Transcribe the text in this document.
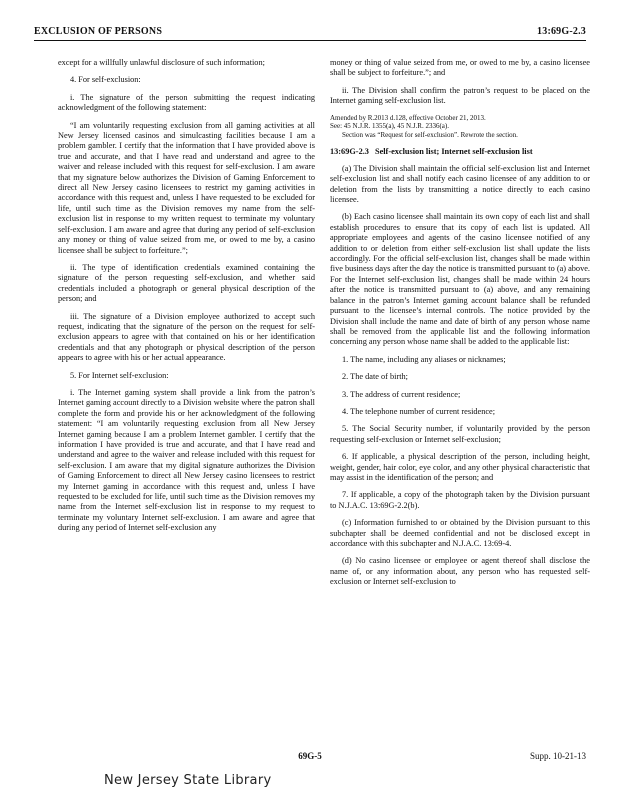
EXCLUSION OF PERSONS	13:69G-2.3

except for a willfully unlawful disclosure of such information;

4. For self-exclusion:

i. The signature of the person submitting the request indicating acknowledgment of the following statement:

“I am voluntarily requesting exclusion from all gaming activities at all New Jersey licensed casinos and simulcasting facilities because I am a problem gambler. I certify that the information that I have provided above is true and accurate, and that I have read and understand and agree to the waiver and release included with this request for self-exclusion. I am aware that my signature below authorizes the Division of Gaming Enforcement to direct all New Jersey casino licensees to restrict my gaming activities in accordance with this request and, unless I have requested to be excluded for life, until such time as the Division removes my name from the self-exclusion list in response to my written request to terminate my voluntary self-exclusion. I am aware and agree that during any period of self-exclusion any money or thing of value seized from me, or owed to me by, a casino licensee shall be subject to forfeiture.”;

ii. The type of identification credentials examined containing the signature of the person requesting self-exclusion, and whether said credentials included a photograph or general physical description of the person; and

iii. The signature of a Division employee authorized to accept such request, indicating that the signature of the person on the request for self-exclusion appears to agree with that contained on his or her identification credentials and that any photograph or physical description of the person appears to agree with his or her actual appearance.

5. For Internet self-exclusion:

i. The Internet gaming system shall provide a link from the patron’s Internet gaming account directly to a Division website where the patron shall complete the form and provide his or her acknowledgment of the following statement: “I am voluntarily requesting exclusion from all New Jersey Internet gaming because I am a problem Internet gambler. I certify that the information I have provided is true and accurate, and that I have read and understand and agree to the waiver and release included with this request for self-exclusion. I am aware that my digital signature authorizes the Division of Gaming Enforcement to direct all New Jersey casino licensees to restrict my Internet gaming in accordance with this request and, unless I have requested to be excluded for life, until such time as the Division removes my name from the Internet self-exclusion list in response to my request to terminate my voluntary Internet self-exclusion. I am aware and agree that during any period of Internet self-exclusion any

money or thing of value seized from me, or owed to me by, a casino licensee shall be subject to forfeiture.”; and

ii. The Division shall confirm the patron’s request to be placed on the Internet gaming self-exclusion list.

Amended by R.2013 d.128, effective October 21, 2013.

See: 45 N.J.R. 1355(a), 45 N.J.R. 2336(a).

Section was “Request for self-exclusion”. Rewrote the section.

13:69G-2.3 Self-exclusion list; Internet self-exclusion list

(a) The Division shall maintain the official self-exclusion list and Internet self-exclusion list and shall notify each casino licensee of any addition to or deletion from the lists by transmitting a notice directly to each casino licensee.

(b) Each casino licensee shall maintain its own copy of each list and shall establish procedures to ensure that its copy of each list is updated. All appropriate employees and agents of the casino licensee notified of any addition to or deletion from either self-exclusion list shall update the lists accordingly. For the official self-exclusion list, changes shall be made within five business days after the day the notice is transmitted pursuant to (a) above. For the Internet self-exclusion list, changes shall be made within 24 hours after the notice is transmitted pursuant to (a) above, and any remaining balance in the patron’s Internet gaming account balance shall be refunded pursuant to the licensee’s internal controls. The notice provided by the Division shall include the name and date of birth of any person whose name shall be removed from the applicable list and the following information concerning any person whose name shall be added to the applicable list:

1. The name, including any aliases or nicknames;

2. The date of birth;

3. The address of current residence;

4. The telephone number of current residence;

5. The Social Security number, if voluntarily provided by the person requesting self-exclusion or Internet self-exclusion;

6. If applicable, a physical description of the person, including height, weight, gender, hair color, eye color, and any other physical characteristic that may assist in the identification of the person; and

7. If applicable, a copy of the photograph taken by the Division pursuant to N.J.A.C. 13:69G-2.2(b).

(c) Information furnished to or obtained by the Division pursuant to this subchapter shall be deemed confidential and not be disclosed except in accordance with this subchapter and N.J.A.C. 13:69-4.

(d) No casino licensee or employee or agent thereof shall disclose the name of, or any information about, any person who has requested self-exclusion or Internet self-exclusion to

69G-5	Supp. 10-21-13
New Jersey State Library
